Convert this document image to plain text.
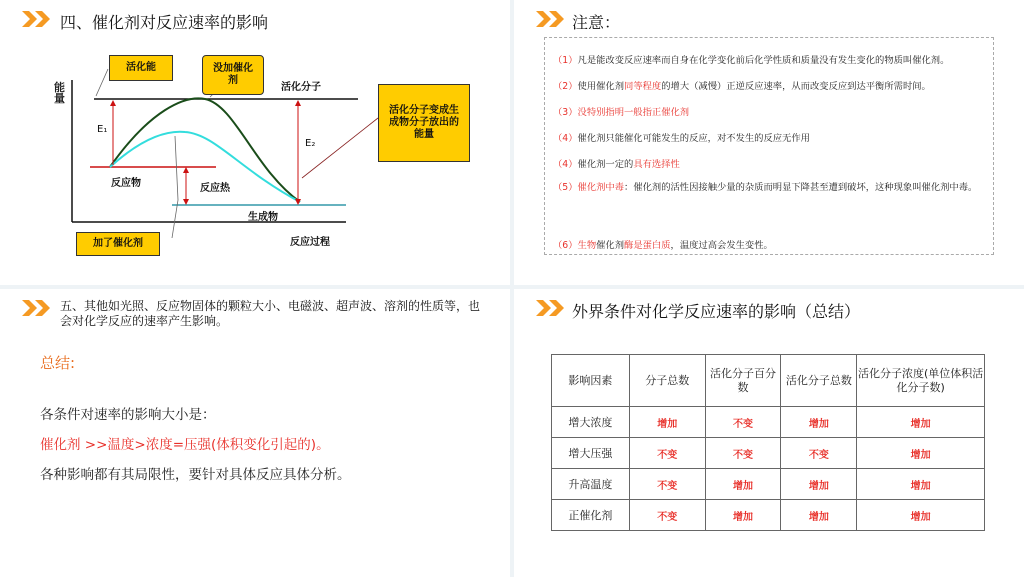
四、催化剂对反应速率的影响
能量
活化能	没加催化剂
加了催化剂
活化分子变成生成物分子放出的能量
活化分子
E₁
E₂
反应物	反应热
生成物
反应过程
注意：
（1）凡是能改变反应速率而自身在化学变化前后化学性质和质量没有发生变化的物质叫催化剂。
（2）使用催化剂同等程度的增大（减慢）正逆反应速率，从而改变反应到达平衡所需时间。
（3）没特别指明一般指正催化剂
（4）催化剂只能催化可能发生的反应，对不发生的反应无作用
（4）催化剂一定的具有选择性
（5）催化剂中毒：催化剂的活性因接触少量的杂质而明显下降甚至遭到破坏，这种现象叫催化剂中毒。
（6）生物催化剂酶是蛋白质，温度过高会发生变性。
五、其他如光照、反应物固体的颗粒大小、电磁波、超声波、溶剂的性质等，也会对化学反应的速率产生影响。
总结:
各条件对速率的影响大小是：
催化剂 >>温度>浓度=压强(体积变化引起的)。
各种影响都有其局限性，要针对具体反应具体分析。
外界条件对化学反应速率的影响（总结）
影响因素	分子总数	活化分子百分数	活化分子总数	活化分子浓度(单位体积活化分子数)
增大浓度	增加	不变	增加	增加
增大压强	不变	不变	不变	增加
升高温度	不变	增加	增加	增加
正催化剂	不变	增加	增加	增加
